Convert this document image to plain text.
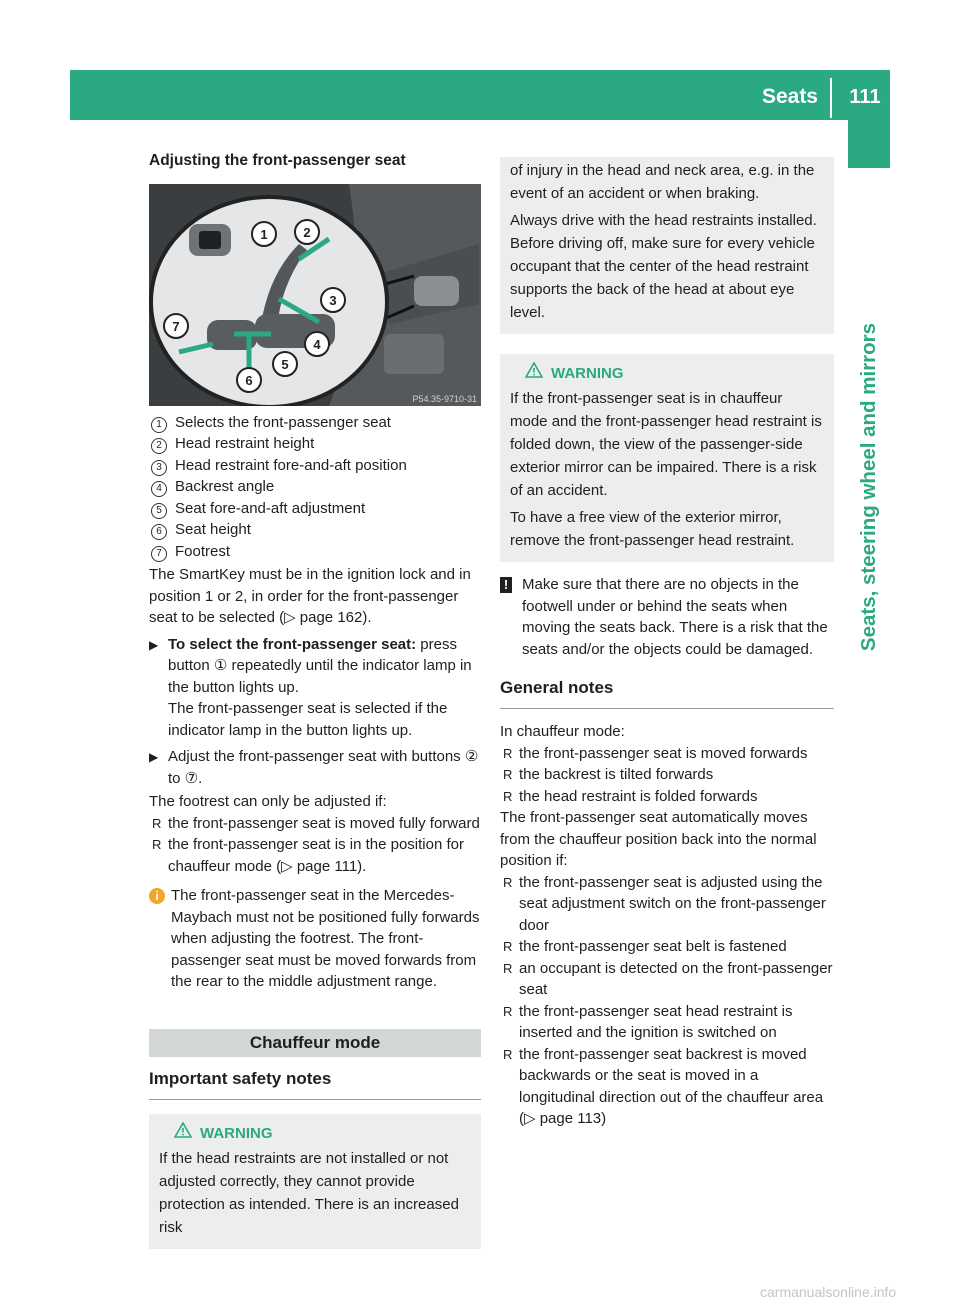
Seats	111
Seats, steering wheel and mirrors

Adjusting the front-passenger seat

1	2
3
4
5
6
7
P54.35-9710-31
1 Selects the front-passenger seat
2 Head restraint height
3 Head restraint fore-and-aft position
4 Backrest angle
5 Seat fore-and-aft adjustment
6 Seat height
7 Footrest

The SmartKey must be in the ignition lock and in position 1 or 2, in order for the front-passenger seat to be selected (▷ page 162).

▶ To select the front-passenger seat: press button ① repeatedly until the indicator lamp in the button lights up.

The front-passenger seat is selected if the indicator lamp in the button lights up.

▶ Adjust the front-passenger seat with buttons ② to ⑦.

The footrest can only be adjusted if:

R the front-passenger seat is moved fully forward
R the front-passenger seat is in the position for chauffeur mode (▷ page 111).
i The front-passenger seat in the Mercedes-Maybach must not be positioned fully forwards when adjusting the footrest. The front-passenger seat must be moved forwards from the rear to the middle adjustment range.
Chauffeur mode
Important safety notes
WARNING

If the head restraints are not installed or not adjusted correctly, they cannot provide protection as intended. There is an increased risk

of injury in the head and neck area, e.g. in the event of an accident or when braking.

Always drive with the head restraints installed. Before driving off, make sure for every vehicle occupant that the center of the head restraint supports the back of the head at about eye level.

WARNING

If the front-passenger seat is in chauffeur mode and the front-passenger head restraint is folded down, the view of the passenger-side exterior mirror can be impaired. There is a risk of an accident.

To have a free view of the exterior mirror, remove the front-passenger head restraint.

! Make sure that there are no objects in the footwell under or behind the seats when moving the seats back. There is a risk that the seats and/or the objects could be damaged.
General notes

In chauffeur mode:

R the front-passenger seat is moved forwards
R the backrest is tilted forwards
R the head restraint is folded forwards

The front-passenger seat automatically moves from the chauffeur position back into the normal position if:

R the front-passenger seat is adjusted using the seat adjustment switch on the front-passenger door
R the front-passenger seat belt is fastened
R an occupant is detected on the front-passenger seat
R the front-passenger seat head restraint is inserted and the ignition is switched on
R the front-passenger seat backrest is moved backwards or the seat is moved in a longitudinal direction out of the chauffeur area (▷ page 113)
carmanualsonline.info
